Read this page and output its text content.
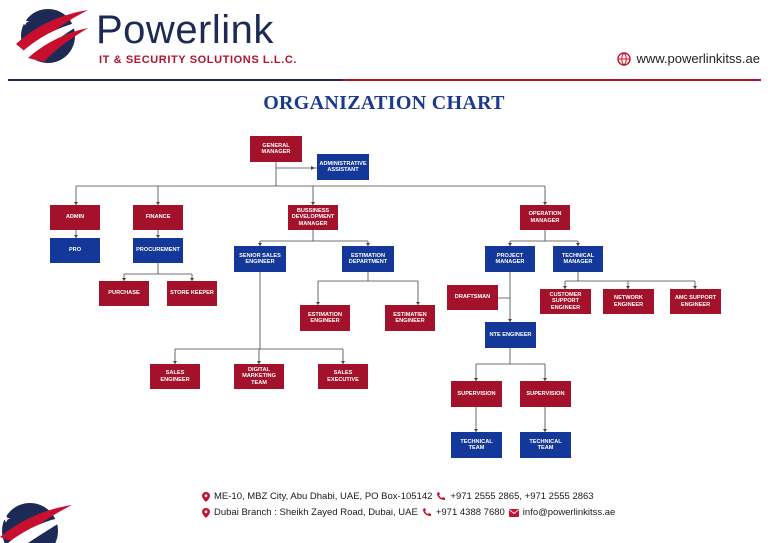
Powerlink
IT & SECURITY SOLUTIONS L.L.C.	www.powerlinkitss.ae
ORGANIZATION CHART
GENERAL MANAGER
ADMINISTRATIVE ASSISTANT
ADMIN	FINANCE
BUSSINESS DEVELOPMENT MANAGER
OPERATION MANAGER
PRO	PROCUREMENT
PURCHASE	STORE KEEPER
SENIOR SALES ENGINEER
ESTIMATION DEPARTMENT
ESTIMATION ENGINEER
ESTIMATIEN ENGINEER
SALES ENGINEER
DIGITAL MARKETING TEAM
SALES EXECUTIVE
PROJECT MANAGER
TECHNICAL MANAGER
DRAFTSMAN	CUSTOMER SUPPORT ENGINEER
NETWORK ENGINEER
AMC SUPPORT ENGINEER
NTE ENGINEER
SUPERVISION	SUPERVISION
TECHNICAL TEAM
TECHNICAL TEAM
ME-10, MBZ City, Abu Dhabi, UAE, PO Box-105142 +971 2555 2865, +971 2555 2863
Dubai Branch : Sheikh Zayed Road, Dubai, UAE +971 4388 7680 info@powerlinkitss.ae
